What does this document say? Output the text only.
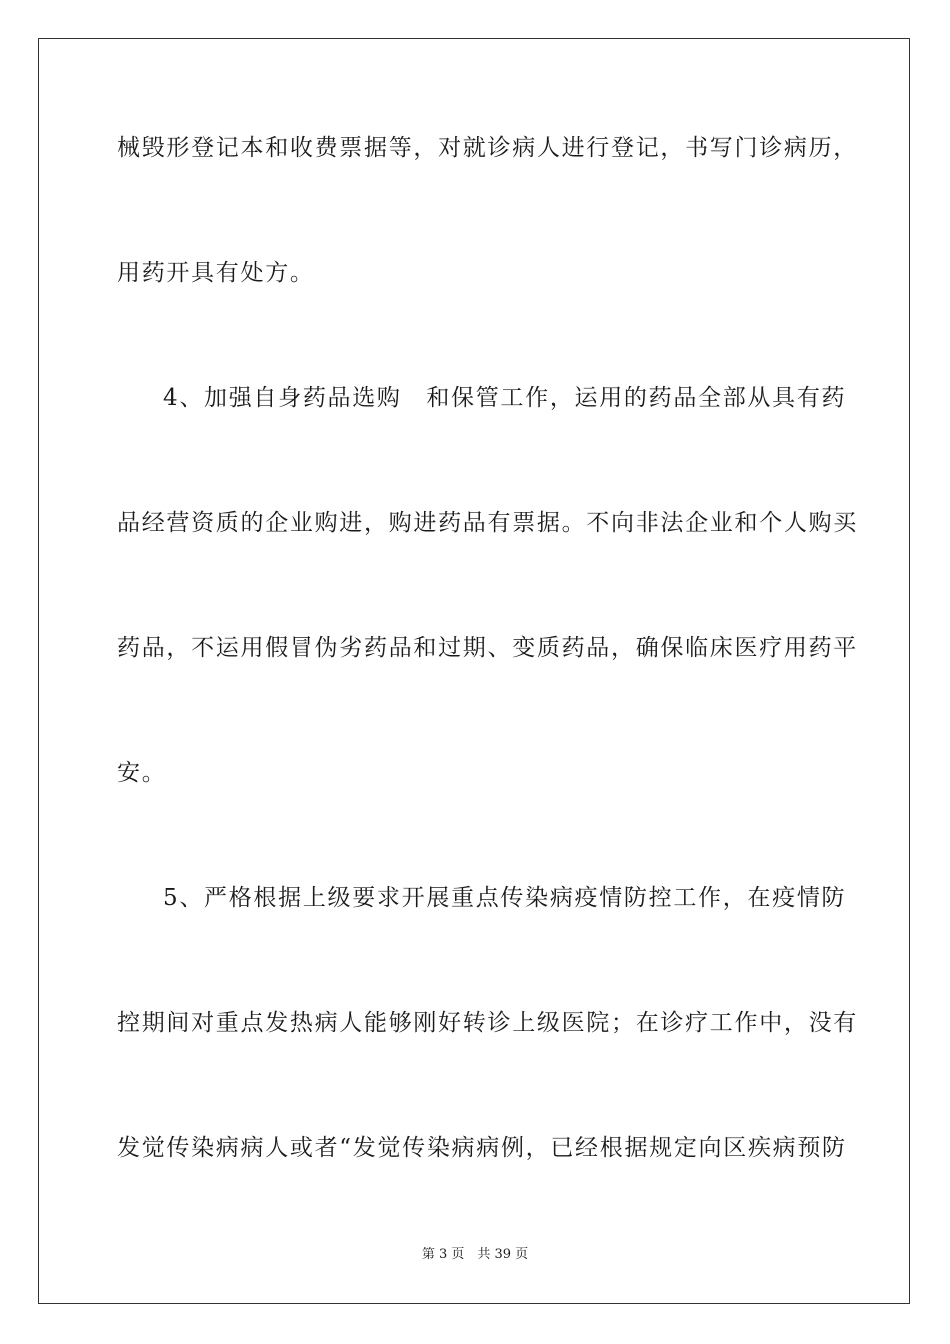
械毁形登记本和收费票据等，对就诊病人进行登记，书写门诊病历，
用药开具有处方。
4、加强自身药品选购　和保管工作，运用的药品全部从具有药
品经营资质的企业购进，购进药品有票据。不向非法企业和个人购买
药品，不运用假冒伪劣药品和过期、变质药品，确保临床医疗用药平
安。
5、严格根据上级要求开展重点传染病疫情防控工作，在疫情防
控期间对重点发热病人能够刚好转诊上级医院；在诊疗工作中，没有
发觉传染病病人或者“发觉传染病病例，已经根据规定向区疾病预防
第 3 页　共 39 页
